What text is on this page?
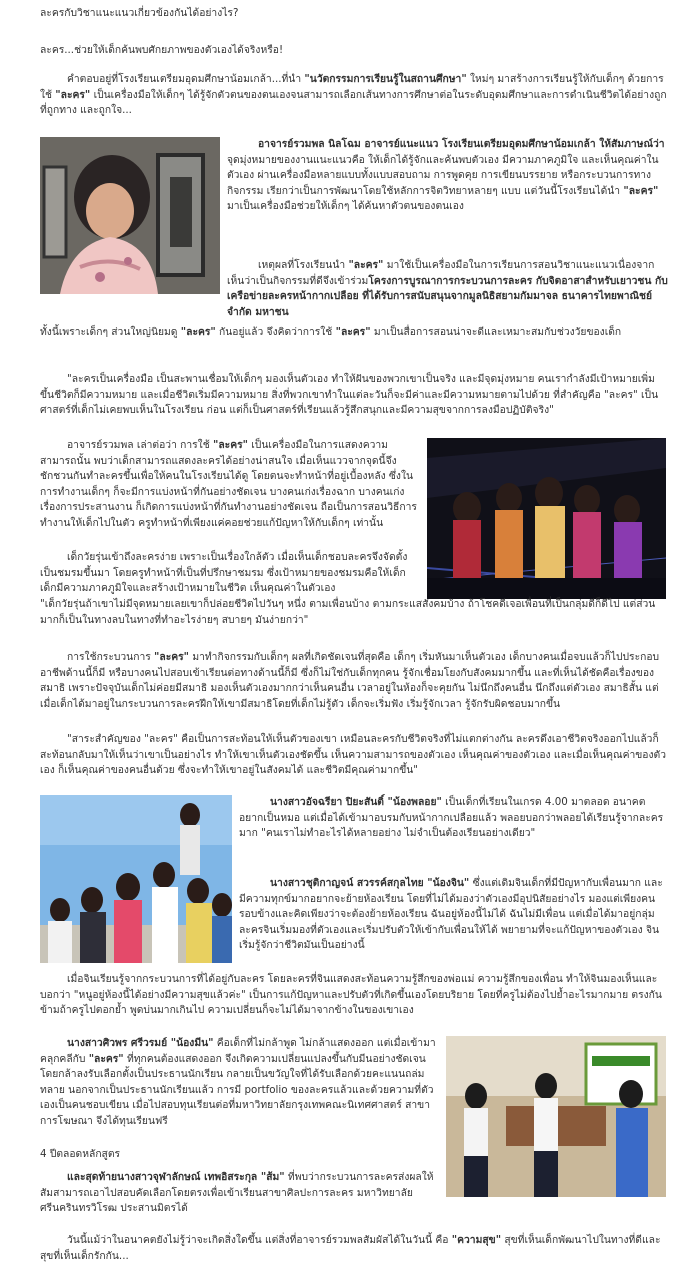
ละครกับวิชาแนะแนวเกี่ยวข้องกันได้อย่างไร?

ละคร...ช่วยให้เด็กค้นพบศักยภาพของตัวเองได้จริงหรือ!

คำตอบอยู่ที่โรงเรียนเตรียมอุดมศึกษาน้อมเกล้า...ที่นำ "นวัตกรรมการเรียนรู้ในสถานศึกษา" ใหม่ๆ มาสร้างการเรียนรู้ให้กับเด็กๆ ด้วยการใช้ "ละคร" เป็นเครื่องมือให้เด็กๆ ได้รู้จักตัวตนของตนเองจนสามารถเลือกเส้นทางการศึกษาต่อในระดับอุดมศึกษาและการดำเนินชีวิตได้อย่างถูกที่ถูกทาง และถูกใจ...

อาจารย์รวมพล นิลโฉม อาจารย์แนะแนว โรงเรียนเตรียมอุดมศึกษาน้อมเกล้า ให้สัมภาษณ์ว่า จุดมุ่งหมายของงานแนะแนวคือ ให้เด็กได้รู้จักและค้นพบตัวเอง มีความภาคภูมิใจ และเห็นคุณค่าในตัวเอง ผ่านเครื่องมือหลายแบบทั้งแบบสอบถาม การพูดคุย การเขียนบรรยาย หรือกระบวนการทางกิจกรรม เรียกว่าเป็นการพัฒนาโดยใช้หลักการจิตวิทยาหลายๆ แบบ แต่วันนี้โรงเรียนได้นำ "ละคร" มาเป็นเครื่องมือช่วยให้เด็กๆ ได้ค้นหาตัวตนของตนเอง

เหตุผลที่โรงเรียนนำ "ละคร" มาใช้เป็นเครื่องมือในการเรียนการสอนวิชาแนะแนวเนื่องจากเห็นว่าเป็นกิจกรรมที่ดีจึงเข้าร่วมโครงการบูรณาการกระบวนการละคร กับจิตอาสาสำหรับเยาวชน กับเครือข่ายละครหน้ากากเปลือย ที่ได้รับการสนับสนุนจากมูลนิธิสยามกัมมาจล ธนาคารไทยพาณิชย์ จำกัด มหาชน

ทั้งนี้เพราะเด็กๆ ส่วนใหญ่นิยมดู "ละคร" กันอยู่แล้ว จึงคิดว่าการใช้ "ละคร" มาเป็นสื่อการสอนน่าจะดีและเหมาะสมกับช่วงวัยของเด็ก

"ละครเป็นเครื่องมือ เป็นสะพานเชื่อมให้เด็กๆ มองเห็นตัวเอง ทำให้ฝันของพวกเขาเป็นจริง และมีจุดมุ่งหมาย คนเรากำลังมีเป้าหมายเพิ่มขึ้นชีวิตก็มีความหมาย และเมื่อชีวิตเริ่มมีความหมาย สิ่งที่พวกเขาทำในแต่ละวันก็จะมีค่าและมีความหมายตามไปด้วย ที่สำคัญคือ "ละคร" เป็นศาสตร์ที่เด็กไม่เคยพบเห็นในโรงเรียน ก่อน แต่ก็เป็นศาสตร์ที่เรียนแล้วรู้สึกสนุกและมีความสุขจากการลงมือปฏิบัติจริง"

อาจารย์รวมพล เล่าต่อว่า การใช้ "ละคร" เป็นเครื่องมือในการแสดงความสามารถนั้น พบว่าเด็กสามารถแสดงละครได้อย่างน่าสนใจ เมื่อเห็นแววจากจุดนี้จึงชักชวนกันทำละครขึ้นเพื่อให้คนในโรงเรียนได้ดู โดยตนจะทำหน้าที่อยู่เบื้องหลัง ซึ่งในการทำงานเด็กๆ ก็จะมีการแบ่งหน้าที่กันอย่างชัดเจน บางคนเก่งเรื่องฉาก บางคนเก่งเรื่องการประสานงาน ก็เกิดการแบ่งหน้าที่กันทำงานอย่างชัดเจน ถือเป็นการสอนวิธีการทำงานให้เด็กไปในตัว ครูทำหน้าที่เพียงแค่คอยช่วยแก้ปัญหาให้กับเด็กๆ เท่านั้น

เด็กวัยรุ่นเข้าถึงละครง่าย เพราะเป็นเรื่องใกล้ตัว เมื่อเห็นเด็กชอบละครจึงจัดตั้งเป็นชมรมขึ้นมา โดยครูทำหน้าที่เป็นที่ปรึกษาชมรม ซึ่งเป้าหมายของชมรมคือให้เด็กเด็กมีความภาคภูมิใจและสร้างเป้าหมายในชีวิต เห็นคุณค่าในตัวเอง

"เด็กวัยรุ่นถ้าเขาไม่มีจุดหมายเลยเขาก็ปล่อยชีวิตไปวันๆ หนึ่ง ตามเพื่อนบ้าง ตามกระแสสังคมบ้าง ถ้าโชคดีเจอเพื่อนที่เป็นกลุ่มดีก็ดีไป แต่ส่วนมากก็เป็นในทางลบในทางที่ทำอะไรง่ายๆ สบายๆ มันง่ายกว่า"

การใช้กระบวนการ "ละคร" มาทำกิจกรรมกับเด็กๆ ผลที่เกิดชัดเจนที่สุดคือ เด็กๆ เริ่มหันมาเห็นตัวเอง เด็กบางคนเมื่อจบแล้วก็ไปประกอบอาชีพด้านนี้ก็มี หรือบางคนไปสอบเข้าเรียนต่อทางด้านนี้ก็มี ซึ่งก็ไม่ใช่กับเด็กทุกคน รู้จักเชื่อมโยงกับสังคมมากขึ้น และที่เห็นได้ชัดคือเรื่องของสมาธิ เพราะปัจจุบันเด็กไม่ค่อยมีสมาธิ มองเห็นตัวเองมากกว่าเห็นคนอื่น เวลาอยู่ในห้องก็จะคุยกัน ไม่นึกถึงคนอื่น นึกถึงแต่ตัวเอง สมาธิสั้น แต่เมื่อเด็กได้มาอยู่ในกระบวนการละครฝึกให้เขามีสมาธิโดยที่เด็กไม่รู้ตัว เด็กจะเริ่มฟัง เริ่มรู้จักเวลา รู้จักรับผิดชอบมากขึ้น

"สาระสำคัญของ "ละคร" คือเป็นการสะท้อนให้เห็นตัวของเขา เหมือนละครกับชีวิตจริงที่ไม่แตกต่างกัน ละครดึงเอาชีวิตจริงออกไปแล้วก็สะท้อนกลับมาให้เห็นว่าเขาเป็นอย่างไร ทำให้เขาเห็นตัวเองชัดขึ้น เห็นความสามารถของตัวเอง เห็นคุณค่าของตัวเอง และเมื่อเห็นคุณค่าของตัวเอง ก็เห็นคุณค่าของคนอื่นด้วย ซึ่งจะทำให้เขาอยู่ในสังคมได้ และชีวิตมีคุณค่ามากขึ้น"

นางสาวอัจฉรียา ปิยะสันติ์ "น้องพลอย" เป็นเด็กที่เรียนในเกรด 4.00 มาตลอด อนาคตอยากเป็นหมอ แต่เมื่อได้เข้ามาอบรมกับหน้ากากเปลือยแล้ว พลอยบอกว่าพลอยได้เรียนรู้จากละครมาก "คนเราไม่ทำอะไรได้หลายอย่าง ไม่จำเป็นต้องเรียนอย่างเดียว"

นางสาวชุติกาญจน์ สวรรค์สกุลไทย "น้องจิน" ซึ่งแต่เดิมจินเด็กที่มีปัญหากับเพื่อนมาก และมีความทุกข์มากอยากจะย้ายห้องเรียน โดยที่ไม่ได้มองว่าตัวเองมีอุปนิสัยอย่างไร มองแต่เพียงคนรอบข้างและคิดเพียงว่าจะต้องย้ายห้องเรียน ฉันอยู่ห้องนี้ไม่ได้ ฉันไม่มีเพื่อน แต่เมื่อได้มาอยู่กลุ่มละครจินเริ่มมองที่ตัวเองและเริ่มปรับตัวให้เข้ากับเพื่อนให้ได้ พยายามที่จะแก้ปัญหาของตัวเอง จินเริ่มรู้จักว่าชีวิตมันเป็นอย่างนี้

เมื่อจินเรียนรู้จากกระบวนการที่ได้อยู่กับละคร โดยละครที่จินแสดงสะท้อนความรู้สึกของพ่อแม่ ความรู้สึกของเพื่อน ทำให้จินมองเห็นและบอกว่า "หนูอยู่ห้องนี้ได้อย่างมีความสุขแล้วค่ะ" เป็นการแก้ปัญหาและปรับตัวที่เกิดขึ้นเองโดยบริยาย โดยที่ครูไม่ต้องไปย้ำอะไรมากมาย ตรงกันข้ามถ้าครูไปตอกย้ำ พูดบ่นมากเกินไป ความเปลี่ยนก็จะไม่ได้มาจากข้างในของเขาเอง

นางสาวศิวพร ศรีวรมย์ "น้องมีน" คือเด็กที่ไม่กล้าพูด ไม่กล้าแสดงออก แต่เมื่อเข้ามาคลุกคลีกับ "ละคร" ที่ทุกคนต้องแสดงออก จึงเกิดความเปลี่ยนแปลงขึ้นกับมีนอย่างชัดเจน โดยกล้าลงรับเลือกตั้งเป็นประธานนักเรียน กลายเป็นขวัญใจที่ได้รับเลือกด้วยคะแนนถล่มทลาย นอกจากเป็นประธานนักเรียนแล้ว การมี portfolio ของละครแล้วและด้วยความที่ตัวเองเป็นคนชอบเขียน เมื่อไปสอบทุนเรียนต่อที่มหาวิทยาลัยกรุงเทพคณะนิเทศศาสตร์ สาขาการโฆษณา จึงได้ทุนเรียนฟรี

4 ปีตลอดหลักสูตร

และสุดท้ายนางสาวจุฬาลักษณ์ เทพอิสระกุล "ส้ม" ที่พบว่ากระบวนการละครส่งผลให้สัมสามารถเอาไปสอบคัดเลือกโดยตรงเพื่อเข้าเรียนสาขาศิลปะการละคร มหาวิทยาลัยศรีนครินทรวิโรฒ ประสานมิตรได้

วันนี้แม้ว่าในอนาคตยังไม่รู้ว่าจะเกิดสิ่งใดขึ้น แต่สิ่งที่อาจารย์รวมพลสัมผัสได้ในวันนี้ คือ "ความสุข" สุขที่เห็นเด็กพัฒนาไปในทางที่ดีและสุขที่เห็นเด็กรักกัน...
